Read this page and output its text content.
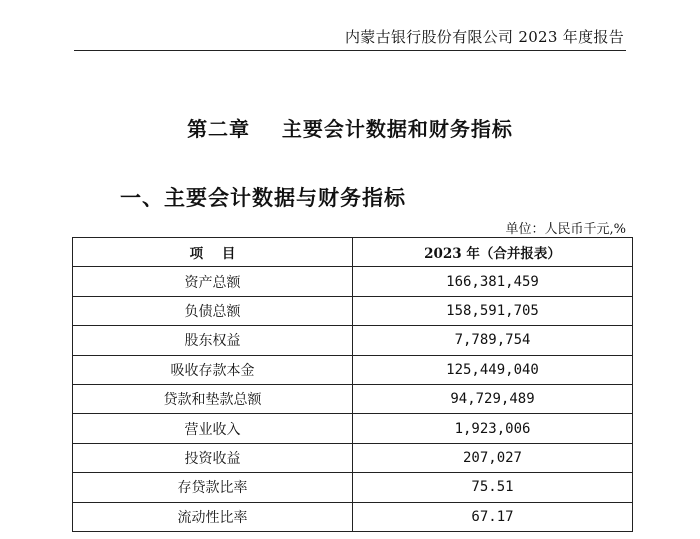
内蒙古银行股份有限公司 2023 年度报告
第二章    主要会计数据和财务指标
一、主要会计数据与财务指标
单位：人民币千元,%
项    目	2023 年（合并报表）
资产总额	166,381,459
负债总额	158,591,705
股东权益	7,789,754
吸收存款本金	125,449,040
贷款和垫款总额	94,729,489
营业收入	1,923,006
投资收益	207,027
存贷款比率	75.51
流动性比率	67.17
